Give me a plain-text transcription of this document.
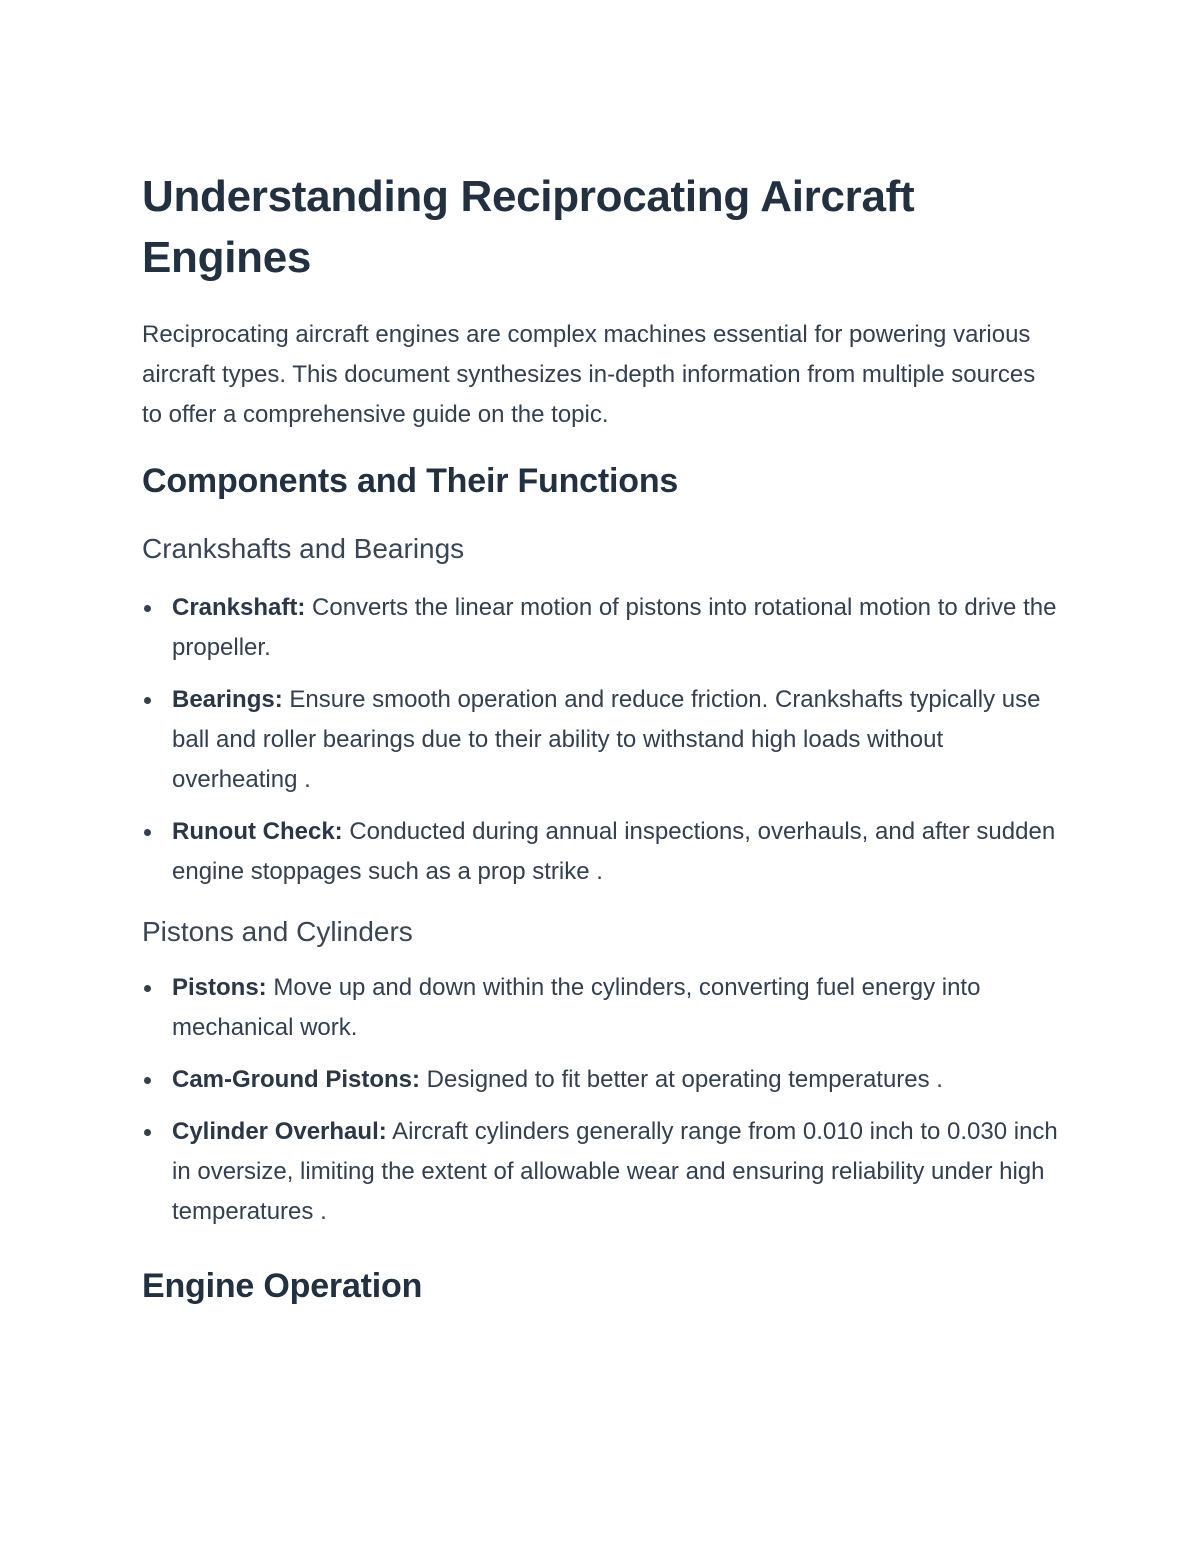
Understanding Reciprocating Aircraft Engines

Reciprocating aircraft engines are complex machines essential for powering various aircraft types. This document synthesizes in-depth information from multiple sources to offer a comprehensive guide on the topic.

Components and Their Functions
Crankshafts and Bearings
Crankshaft: Converts the linear motion of pistons into rotational motion to drive the propeller.
Bearings: Ensure smooth operation and reduce friction. Crankshafts typically use ball and roller bearings due to their ability to withstand high loads without overheating .
Runout Check: Conducted during annual inspections, overhauls, and after sudden engine stoppages such as a prop strike .
Pistons and Cylinders
Pistons: Move up and down within the cylinders, converting fuel energy into mechanical work.
Cam-Ground Pistons: Designed to fit better at operating temperatures .
Cylinder Overhaul: Aircraft cylinders generally range from 0.010 inch to 0.030 inch in oversize, limiting the extent of allowable wear and ensuring reliability under high temperatures .
Engine Operation
